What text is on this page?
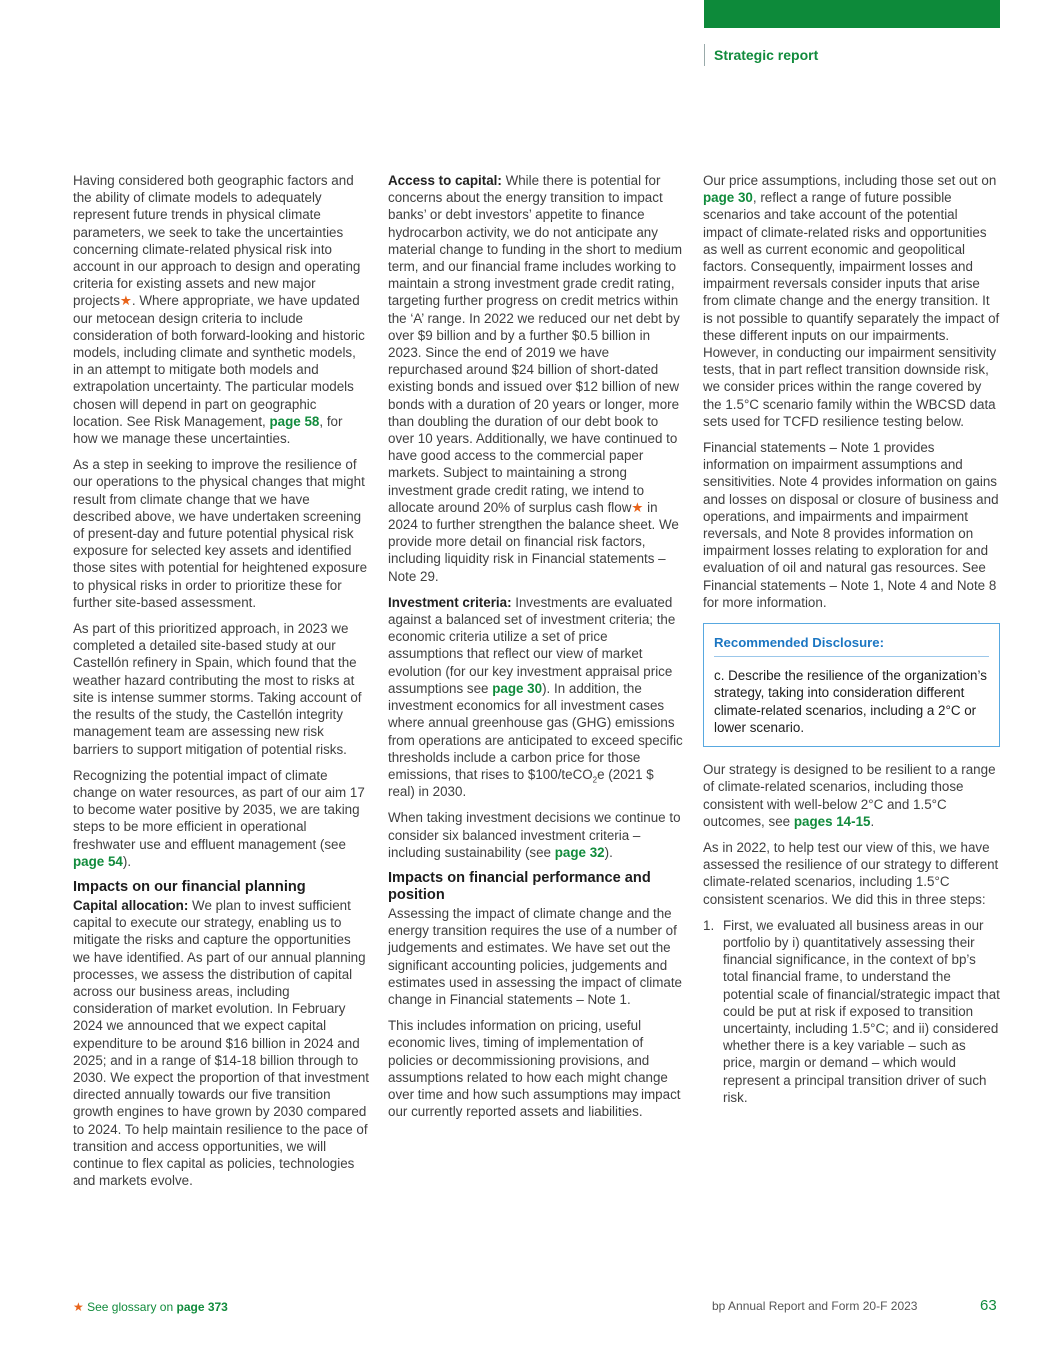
Strategic report

Having considered both geographic factors and the ability of climate models to adequately represent future trends in physical climate parameters, we seek to take the uncertainties concerning climate-related physical risk into account in our approach to design and operating criteria for existing assets and new major projects★. Where appropriate, we have updated our metocean design criteria to include consideration of both forward-looking and historic models, including climate and synthetic models, in an attempt to mitigate both models and extrapolation uncertainty. The particular models chosen will depend in part on geographic location. See Risk Management, page 58, for how we manage these uncertainties.

As a step in seeking to improve the resilience of our operations to the physical changes that might result from climate change that we have described above, we have undertaken screening of present-day and future potential physical risk exposure for selected key assets and identified those sites with potential for heightened exposure to physical risks in order to prioritize these for further site-based assessment.

As part of this prioritized approach, in 2023 we completed a detailed site-based study at our Castellón refinery in Spain, which found that the weather hazard contributing the most to risks at site is intense summer storms. Taking account of the results of the study, the Castellón integrity management team are assessing new risk barriers to support mitigation of potential risks.

Recognizing the potential impact of climate change on water resources, as part of our aim 17 to become water positive by 2035, we are taking steps to be more efficient in operational freshwater use and effluent management (see page 54).

Impacts on our financial planning

Capital allocation: We plan to invest sufficient capital to execute our strategy, enabling us to mitigate the risks and capture the opportunities we have identified. As part of our annual planning processes, we assess the distribution of capital across our business areas, including consideration of market evolution. In February 2024 we announced that we expect capital expenditure to be around $16 billion in 2024 and 2025; and in a range of $14-18 billion through to 2030. We expect the proportion of that investment directed annually towards our five transition growth engines to have grown by 2030 compared to 2024. To help maintain resilience to the pace of transition and access opportunities, we will continue to flex capital as policies, technologies and markets evolve.

Access to capital: While there is potential for concerns about the energy transition to impact banks’ or debt investors’ appetite to finance hydrocarbon activity, we do not anticipate any material change to funding in the short to medium term, and our financial frame includes working to maintain a strong investment grade credit rating, targeting further progress on credit metrics within the ‘A’ range. In 2022 we reduced our net debt by over $9 billion and by a further $0.5 billion in 2023. Since the end of 2019 we have repurchased around $24 billion of short-dated existing bonds and issued over $12 billion of new bonds with a duration of 20 years or longer, more than doubling the duration of our debt book to over 10 years. Additionally, we have continued to have good access to the commercial paper markets. Subject to maintaining a strong investment grade credit rating, we intend to allocate around 20% of surplus cash flow★ in 2024 to further strengthen the balance sheet. We provide more detail on financial risk factors, including liquidity risk in Financial statements – Note 29.

Investment criteria: Investments are evaluated against a balanced set of investment criteria; the economic criteria utilize a set of price assumptions that reflect our view of market evolution (for our key investment appraisal price assumptions see page 30). In addition, the investment economics for all investment cases where annual greenhouse gas (GHG) emissions from operations are anticipated to exceed specific thresholds include a carbon price for those emissions, that rises to $100/teCO$_2$e (2021 $ real) in 2030.

When taking investment decisions we continue to consider six balanced investment criteria – including sustainability (see page 32).

Impacts on financial performance and position

Assessing the impact of climate change and the energy transition requires the use of a number of judgements and estimates. We have set out the significant accounting policies, judgements and estimates used in assessing the impact of climate change in Financial statements – Note 1.

This includes information on pricing, useful economic lives, timing of implementation of policies or decommissioning provisions, and assumptions related to how each might change over time and how such assumptions may impact our currently reported assets and liabilities.

Our price assumptions, including those set out on page 30, reflect a range of future possible scenarios and take account of the potential impact of climate-related risks and opportunities as well as current economic and geopolitical factors. Consequently, impairment losses and impairment reversals consider inputs that arise from climate change and the energy transition. It is not possible to quantify separately the impact of these different inputs on our impairments. However, in conducting our impairment sensitivity tests, that in part reflect transition downside risk, we consider prices within the range covered by the 1.5°C scenario family within the WBCSD data sets used for TCFD resilience testing below.

Financial statements – Note 1 provides information on impairment assumptions and sensitivities. Note 4 provides information on gains and losses on disposal or closure of business and operations, and impairments and impairment reversals, and Note 8 provides information on impairment losses relating to exploration for and evaluation of oil and natural gas resources. See Financial statements – Note 1, Note 4 and Note 8 for more information.

Recommended Disclosure:
c. Describe the resilience of the organization’s strategy, taking into consideration different climate-related scenarios, including a 2°C or lower scenario.

Our strategy is designed to be resilient to a range of climate-related scenarios, including those consistent with well-below 2°C and 1.5°C outcomes, see pages 14-15.

As in 2022, to help test our view of this, we have assessed the resilience of our strategy to different climate-related scenarios, including 1.5°C consistent scenarios. We did this in three steps:

1. First, we evaluated all business areas in our portfolio by i) quantitatively assessing their financial significance, in the context of bp’s total financial frame, to understand the potential scale of financial/strategic impact that could be put at risk if exposed to transition uncertainty, including 1.5°C; and ii) considered whether there is a key variable – such as price, margin or demand – which would represent a principal transition driver of such risk.
★ See glossary on page 373	bp Annual Report and Form 20-F 2023	63
